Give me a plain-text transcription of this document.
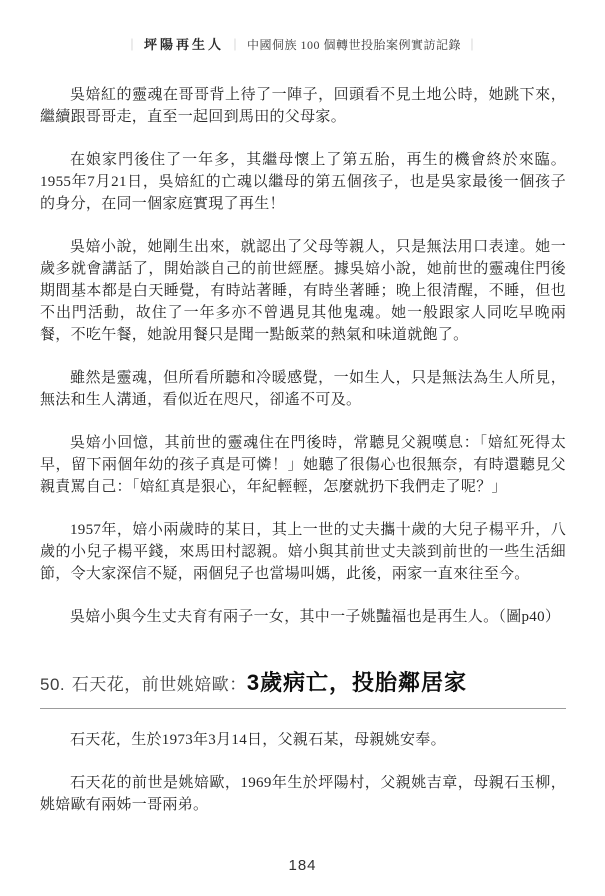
｜ 坪陽再生人 ｜ 中國侗族 100 個轉世投胎案例實訪記錄 ｜

吳婄紅的靈魂在哥哥背上待了一陣子，回頭看不見土地公時，她跳下來，繼續跟哥哥走，直至一起回到馬田的父母家。

在娘家門後住了一年多，其繼母懷上了第五胎，再生的機會終於來臨。1955年7月21日，吳婄紅的亡魂以繼母的第五個孩子，也是吳家最後一個孩子的身分，在同一個家庭實現了再生！

吳婄小說，她剛生出來，就認出了父母等親人，只是無法用口表達。她一歲多就會講話了，開始談自己的前世經歷。據吳婄小說，她前世的靈魂住門後期間基本都是白天睡覺，有時站著睡，有時坐著睡；晚上很清醒，不睡，但也不出門活動，故住了一年多亦不曾遇見其他鬼魂。她一般跟家人同吃早晚兩餐，不吃午餐，她說用餐只是聞一點飯菜的熱氣和味道就飽了。

雖然是靈魂，但所看所聽和冷暖感覺，一如生人，只是無法為生人所見，無法和生人溝通，看似近在咫尺，卻遙不可及。

吳婄小回憶，其前世的靈魂住在門後時，常聽見父親嘆息：「婄紅死得太早，留下兩個年幼的孩子真是可憐！」她聽了很傷心也很無奈，有時還聽見父親責罵自己：「婄紅真是狠心，年紀輕輕，怎麼就扔下我們走了呢？」

1957年，婄小兩歲時的某日，其上一世的丈夫攜十歲的大兒子楊平升，八歲的小兒子楊平錢，來馬田村認親。婄小與其前世丈夫談到前世的一些生活細節，令大家深信不疑，兩個兒子也當場叫媽，此後，兩家一直來往至今。

吳婄小與今生丈夫育有兩子一女，其中一子姚豔福也是再生人。（圖p40）

50. 石天花，前世姚婄歐：3歲病亡，投胎鄰居家

石天花，生於1973年3月14日，父親石某，母親姚安奉。

石天花的前世是姚婄歐，1969年生於坪陽村，父親姚吉章，母親石玉柳，姚婄歐有兩姊一哥兩弟。

184
